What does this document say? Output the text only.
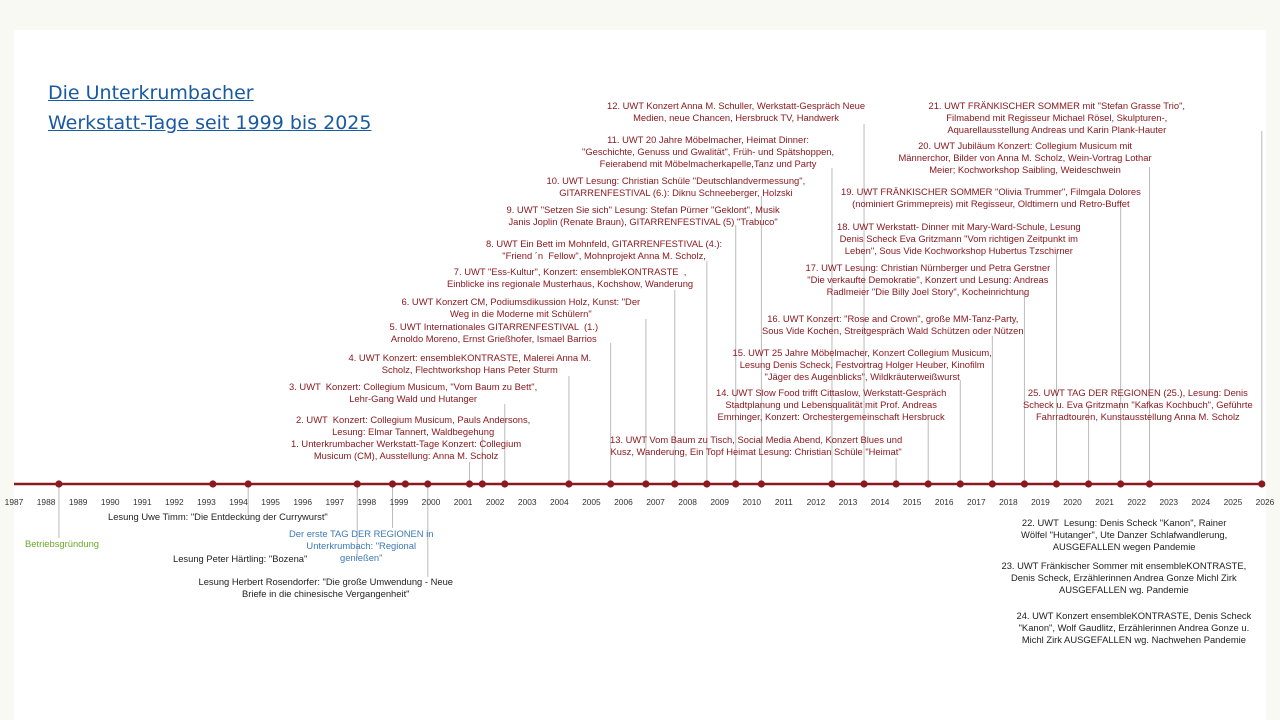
1987 1988 1989 1990 1991 1992 1993 1994 1995 1996 1997 1998 1999 2000 2001 2002 2003 2004 2005 2006 2007 2008 2009 2010 2011 2012 2013 2014 2015 2016 2017 2018 2019 2020 2021 2022 2023 2024 2025 2026
Die Unterkrumbacher
Werkstatt-Tage seit 1999 bis 2025
Betriebsgründung
Lesung Uwe Timm: "Die Entdeckung der Currywurst"
Lesung Peter Härtling: "Bozena"
Der erste TAG DER REGIONEN in
Unterkrumbach: "Regional
genießen"
Lesung Herbert Rosendorfer: "Die große Umwendung - Neue
Briefe in die chinesische Vergangenheit"
1. Unterkrumbacher Werkstatt-Tage Konzert: Collegium
Musicum (CM), Ausstellung: Anna M. Scholz
2. UWT  Konzert: Collegium Musicum, Pauls Andersons,
Lesung: Elmar Tannert, Waldbegehung
3. UWT  Konzert: Collegium Musicum, "Vom Baum zu Bett",
Lehr-Gang Wald und Hutanger
4. UWT Konzert: ensembleKONTRASTE, Malerei Anna M.
Scholz, Flechtworkshop Hans Peter Sturm
5. UWT Internationales GITARRENFESTIVAL  (1.)
Arnoldo Moreno, Ernst Grießhofer, Ismael Barrios
6. UWT Konzert CM, Podiumsdikussion Holz, Kunst: "Der
Weg in die Moderne mit Schülern"
7. UWT "Ess-Kultur", Konzert: ensembleKONTRASTE  ,
Einblicke ins regionale Musterhaus, Kochshow, Wanderung
8. UWT Ein Bett im Mohnfeld, GITARRENFESTIVAL (4.):
"Friend ´n  Fellow", Mohnprojekt Anna M. Scholz,
9. UWT "Setzen Sie sich" Lesung: Stefan Pürner "Geklont", Musik
Janis Joplin (Renate Braun), GITARRENFESTIVAL (5) "Trabuco"
10. UWT Lesung: Christian Schüle "Deutschlandvermessung",
GITARRENFESTIVAL (6.): Diknu Schneeberger, Holzski
11. UWT 20 Jahre Möbelmacher, Heimat Dinner:
"Geschichte, Genuss und Gwalität", Früh- und Spätshoppen,
Feierabend mit Möbelmacherkapelle,Tanz und Party
12. UWT Konzert Anna M. Schuller, Werkstatt-Gespräch Neue
Medien, neue Chancen, Hersbruck TV, Handwerk
13. UWT Vom Baum zu Tisch, Social Media Abend, Konzert Blues und
Kusz, Wanderung, Ein Topf Heimat Lesung: Christian Schüle "Heimat"
14. UWT Slow Food trifft Cittaslow, Werkstatt-Gespräch
Stadtplanung und Lebensqualität mit Prof. Andreas
Emminger, Konzert: Orchestergemeinschaft Hersbruck
15. UWT 25 Jahre Möbelmacher, Konzert Collegium Musicum,
Lesung Denis Scheck, Festvortrag Holger Heuber, Kinofilm
"Jäger des Augenblicks", Wildkräuterweißwurst
16. UWT Konzert: "Rose and Crown", große MM-Tanz-Party,
Sous Vide Kochen, Streitgespräch Wald Schützen oder Nützen
17. UWT Lesung: Christian Nürnberger und Petra Gerstner
"Die verkaufte Demokratie", Konzert und Lesung: Andreas
Radlmeier "Die Billy Joel Story", Kocheinrichtung
18. UWT Werkstatt- Dinner mit Mary-Ward-Schule, Lesung
Denis Scheck Eva Gritzmann "Vom richtigen Zeitpunkt im
Leben", Sous Vide Kochworkshop Hubertus Tzschirner
25. UWT TAG DER REGIONEN (25.), Lesung: Denis
Scheck u. Eva Gritzmann "Kafkas Kochbuch", Geführte
Fahrradtouren, Kunstausstellung Anna M. Scholz
19. UWT FRÄNKISCHER SOMMER "Olivia Trummer", Filmgala Dolores
(nominiert Grimmepreis) mit Regisseur, Oldtimern und Retro-Buffet
20. UWT Jubiläum Konzert: Collegium Musicum mit
Männerchor, Bilder von Anna M. Scholz, Wein-Vortrag Lothar
Meier; Kochworkshop Saibling, Weideschwein
21. UWT FRÄNKISCHER SOMMER mit "Stefan Grasse Trio",
Filmabend mit Regisseur Michael Rösel, Skulpturen-,
Aquarellausstellung Andreas und Karin Plank-Hauter
22. UWT  Lesung: Denis Scheck "Kanon", Rainer
Wölfel "Hutanger", Ute Danzer Schlafwandlerung,
AUSGEFALLEN wegen Pandemie
23. UWT Fränkischer Sommer mit ensembleKONTRASTE,
Denis Scheck, Erzählerinnen Andrea Gonze Michl Zirk
AUSGEFALLEN wg. Pandemie
24. UWT Konzert ensembleKONTRASTE, Denis Scheck
"Kanon", Wolf Gaudlitz, Erzählerinnen Andrea Gonze u.
Michl Zirk AUSGEFALLEN wg. Nachwehen Pandemie
